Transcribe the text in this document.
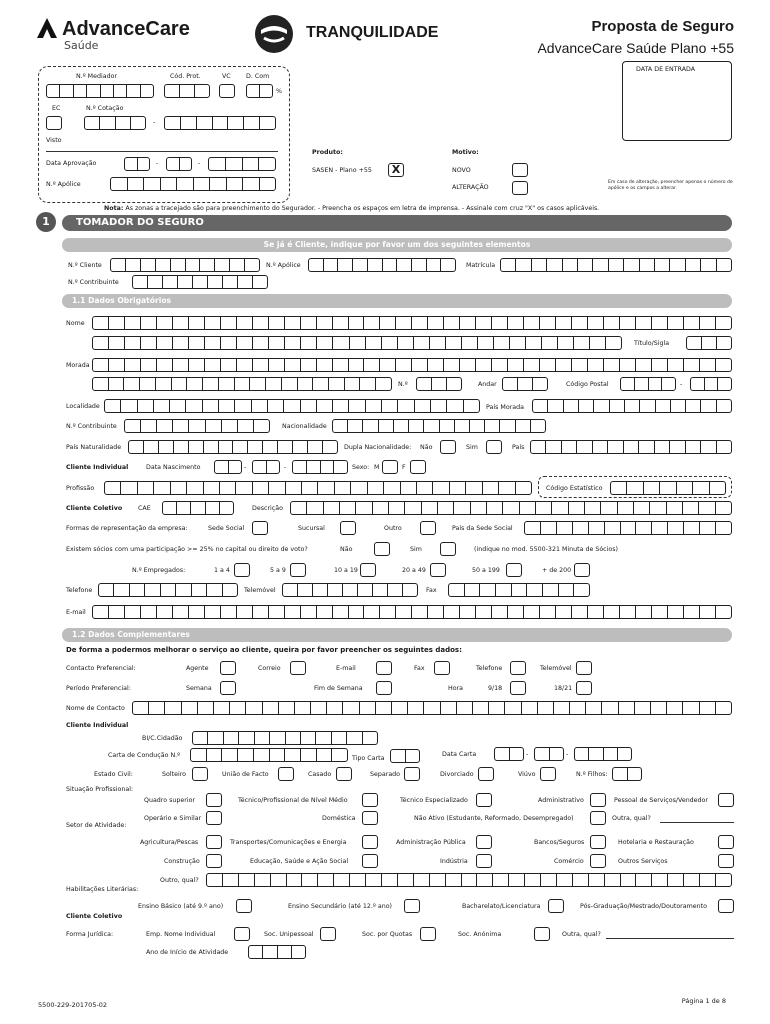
AdvanceCare
Saúde
TRANQUILIDADE	Proposta de Seguro
AdvanceCare Saúde Plano +55
DATA DE ENTRADA
N.º Mediador	Cód. Prot.	VC D. Com
%
EC	N.º Cotação
-
Visto
Data Aprovação	-	-
N.º Apólice
Produto:
SASEN - Plano +55	X
Motivo:
NOVO
ALTERAÇÃO
Em caso de alteração, preencher apenas o número de apólice e os campos a alterar.
Nota: As zonas a tracejado são para preenchimento do Segurador. - Preencha os espaços em letra de imprensa. - Assinale com cruz "X" os casos aplicáveis.
1	TOMADOR DO SEGURO
Se já é Cliente, indique por favor um dos seguintes elementos
N.º Cliente	N.º Apólice	Matrícula
N.º Contribuinte
1.1 Dados Obrigatórios
Nome
Título/Sigla
Morada
N.º	Andar	Código Postal	-
Localidade	País Morada
N.º Contribuinte	Nacionalidade
País Naturalidade	Dupla Nacionalidade: Não	Sim	País
Cliente Individual	Data Nascimento	-	-	Sexo: M	F
Profissão	Código Estatístico
Cliente Coletivo	CAE	Descrição
Formas de representação da empresa:	Sede Social	Sucursal	Outro	País da Sede Social
Existem sócios com uma participação >= 25% no capital ou direito de voto?	Não	Sim	(indique no mod. 5500-321 Minuta de Sócios)
N.º Empregados:	1 a 4	5 a 9	10 a 19	20 a 49	50 a 199	+ de 200
Telefone	Telemóvel	Fax
E-mail
1.2 Dados Complementares
De forma a podermos melhorar o serviço ao cliente, queira por favor preencher os seguintes dados:
Contacto Preferencial:	Agente	Correio	E-mail	Fax	Telefone	Telemóvel
Período Preferencial:	Semana	Fim de Semana	Hora	9/18	18/21
Nome de Contacto
Cliente Individual
BI/C.Cidadão
Carta de Condução N.º	Tipo Carta
Data Carta	-	-
Estado Civil:	Solteiro	União de Facto	Casado	Separado	Divorciado	Viúvo	N.º Filhos:
Situação Profissional:
Quadro superior	Técnico/Profissional de Nível Médio	Técnico Especializado	Administrativo	Pessoal de Serviços/Vendedor
Operário e Similar	Doméstica	Não Ativo (Estudante, Reformado, Desempregado)	Outra, qual?
Setor de Atividade:
Agricultura/Pescas	Transportes/Comunicações e Energia	Administração Pública	Bancos/Seguros	Hotelaria e Restauração
Construção	Educação, Saúde e Ação Social	Indústria	Comércio	Outros Serviços
Outro, qual?
Habilitações Literárias:
Ensino Básico (até 9.º ano)	Ensino Secundário (até 12.º ano)	Bacharelato/Licenciatura	Pós-Graduação/Mestrado/Doutoramento
Cliente Coletivo
Forma Jurídica:	Emp. Nome Individual	Soc. Unipessoal	Soc. por Quotas	Soc. Anónima	Outra, qual?
Ano de Início de Atividade
5500-229-201705-02	Página 1 de 8
